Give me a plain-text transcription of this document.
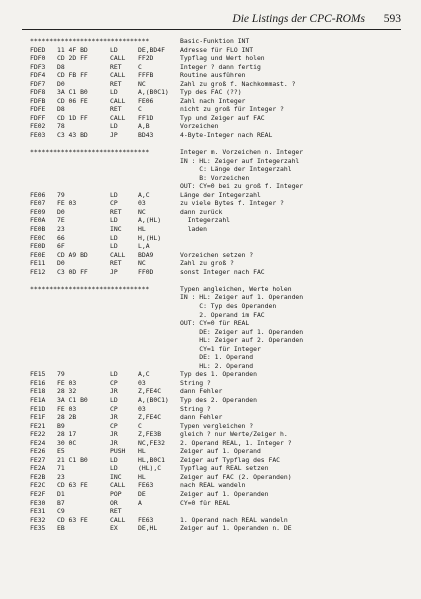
Die Listings der CPC-ROMs 593
*******************************	Basic-Funktion INT
FDED 11 4F BD	LD	DE,BD4F Adresse für FLO INT
FDF0 CD 2D FF	CALL FF2D	Typflag und Wert holen
FDF3 D8	RET	C	Integer ? dann fertig
FDF4 CD FB FF	CALL FFFB	Routine ausführen
FDF7 D0	RET	NC	Zahl zu groß f. Nachkommast. ?
FDF8 3A C1 B0	LD	A,(B0C1) Typ des FAC (??)
FDFB CD 06 FE	CALL FE06	Zahl nach Integer
FDFE D8	RET	C	nicht zu groß für Integer ?
FDFF CD 1D FF	CALL FF1D	Typ und Zeiger auf FAC
FE02 78	LD	A,B	Vorzeichen
FE03 C3 43 BD	JP	BD43	4-Byte-Integer nach REAL
*******************************	Integer m. Vorzeichen n. Integer
IN : HL: Zeiger auf Integerzahl
C: Länge der Integerzahl
B: Vorzeichen
OUT: CY=0 bei zu groß f. Integer
FE06 79	LD	A,C	Länge der Integerzahl
FE07 FE 03	CP	03	zu viele Bytes f. Integer ?
FE09 D0	RET	NC	dann zurück
FE0A 7E	LD	A,(HL)	Integerzahl
FE0B 23	INC	HL	laden
FE0C 66	LD	H,(HL)
FE0D 6F	LD	L,A
FE0E CD A9 BD	CALL BDA9	Vorzeichen setzen ?
FE11 D0	RET	NC	Zahl zu groß ?
FE12 C3 0D FF	JP	FF0D	sonst Integer nach FAC
*******************************	Typen angleichen, Werte holen
IN : HL: Zeiger auf 1. Operanden
C: Typ des Operanden
2. Operand im FAC
OUT: CY=0 für REAL
DE: Zeiger auf 1. Operanden
HL: Zeiger auf 2. Operanden
CY=1 für Integer
DE: 1. Operand
HL: 2. Operand
FE15 79	LD	A,C	Typ des 1. Operanden
FE16 FE 03	CP	03	String ?
FE18 28 32	JR	Z,FE4C	dann Fehler
FE1A 3A C1 B0	LD	A,(B0C1) Typ des 2. Operanden
FE1D FE 03	CP	03	String ?
FE1F 28 2B	JR	Z,FE4C	dann Fehler
FE21 B9	CP	C	Typen vergleichen ?
FE22 28 17	JR	Z,FE3B	gleich ? nur Werte/Zeiger h.
FE24 30 0C	JR	NC,FE32 2. Operand REAL, 1. Integer ?
FE26 E5	PUSH HL	Zeiger auf 1. Operand
FE27 21 C1 B0	LD	HL,B0C1 Zeiger auf Typflag des FAC
FE2A 71	LD	(HL),C	Typflag auf REAL setzen
FE2B 23	INC	HL	Zeiger auf FAC (2. Operanden)
FE2C CD 63 FE	CALL FE63	nach REAL wandeln
FE2F D1	POP	DE	Zeiger auf 1. Operanden
FE30 B7	OR	A	CY=0 für REAL
FE31 C9	RET
FE32 CD 63 FE	CALL FE63	1. Operand nach REAL wandeln
FE35 EB	EX	DE,HL	Zeiger auf 1. Operanden n. DE
